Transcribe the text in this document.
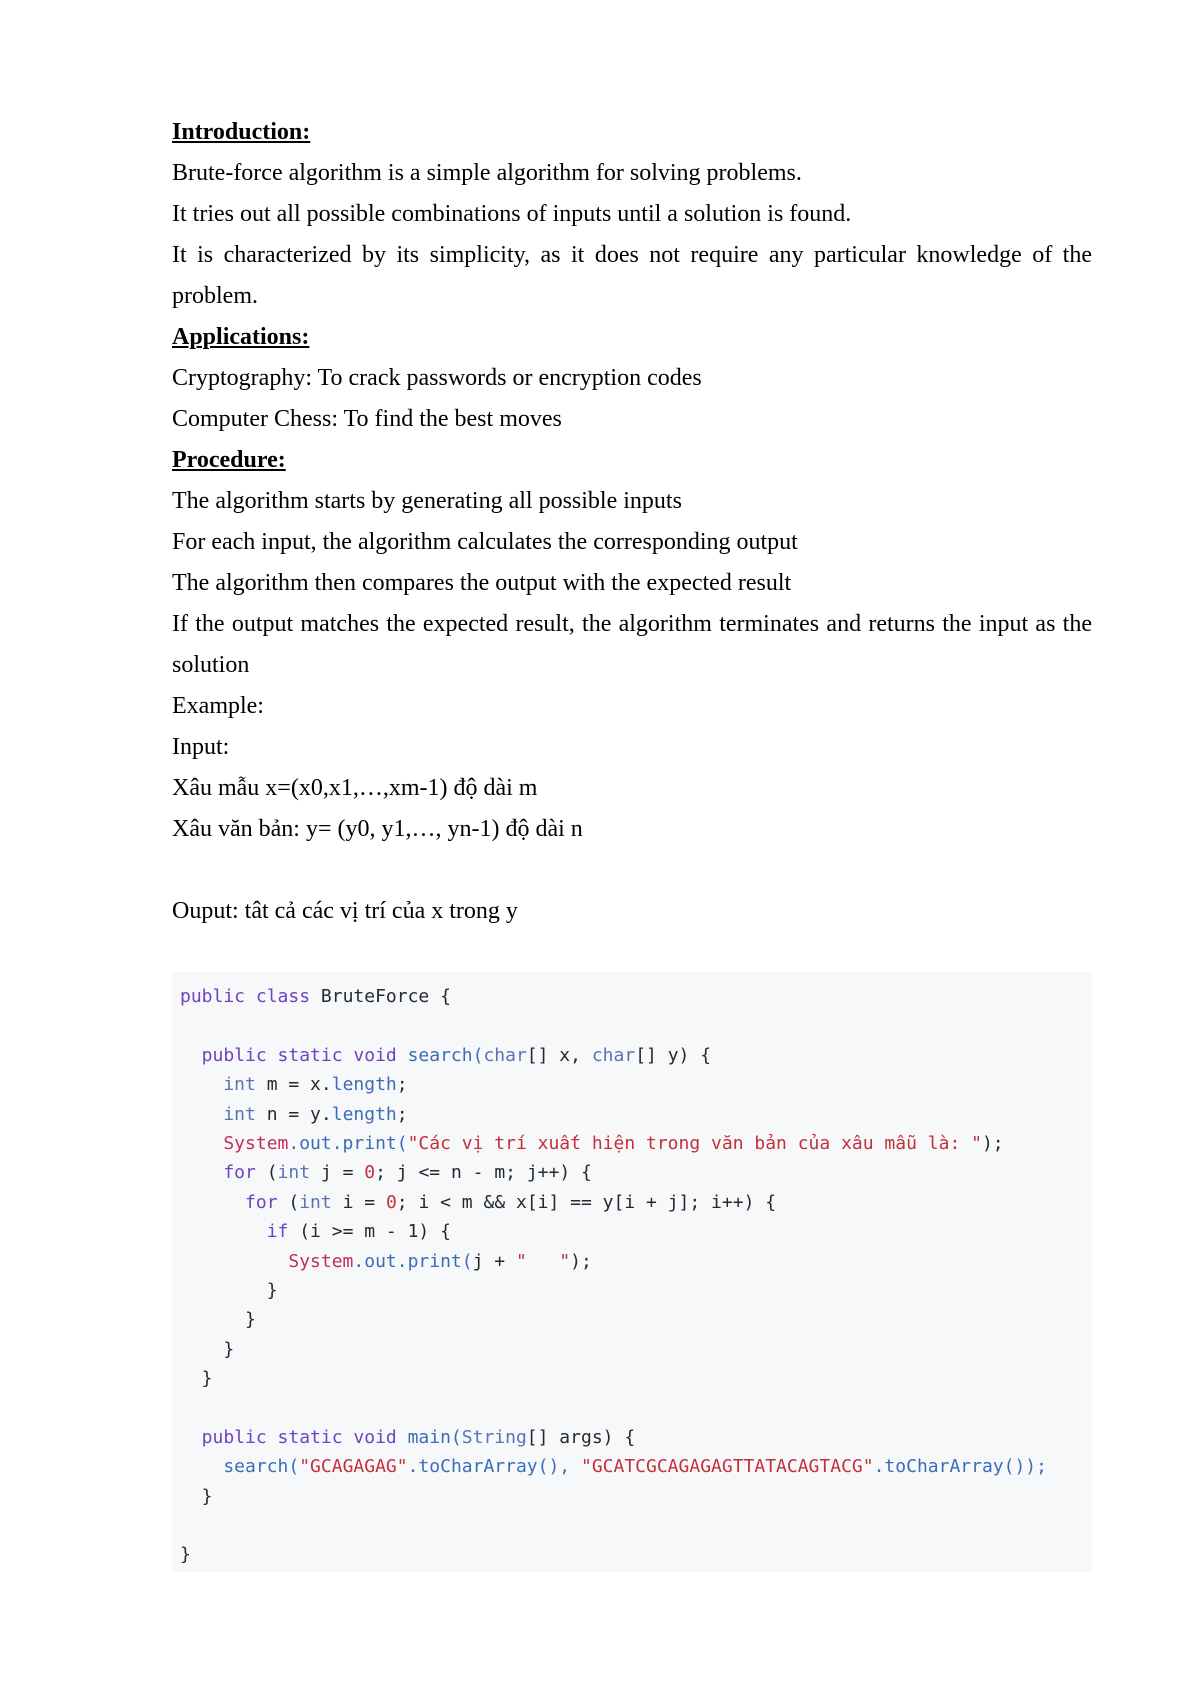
Introduction:
Brute-force algorithm is a simple algorithm for solving problems.
It tries out all possible combinations of inputs until a solution is found.
It is characterized by its simplicity, as it does not require any particular knowledge of the problem.
Applications:
Cryptography: To crack passwords or encryption codes
Computer Chess: To find the best moves
Procedure:
The algorithm starts by generating all possible inputs
For each input, the algorithm calculates the corresponding output
The algorithm then compares the output with the expected result
If the output matches the expected result, the algorithm terminates and returns the input as the solution
Example:
Input:
Xâu mẫu x=(x0,x1,…,xm-1) độ dài m
Xâu văn bản: y= (y0, y1,…, yn-1) độ dài n
Ouput: tât cả các vị trí của x trong y
public class BruteForce {
public static void search(char[] x, char[] y) {
int m = x.length;
int n = y.length;
System.out.print("Các vị trí xuất hiện trong văn bản của xâu mẫu là: ");
for (int j = 0; j <= n - m; j++) {
for (int i = 0; i < m && x[i] == y[i + j]; i++) {
if (i >= m - 1) {
System.out.print(j + "   ");
}
}
}
}
public static void main(String[] args) {
search("GCAGAGAG".toCharArray(), "GCATCGCAGAGAGTTATACAGTACG".toCharArray());
}
}
